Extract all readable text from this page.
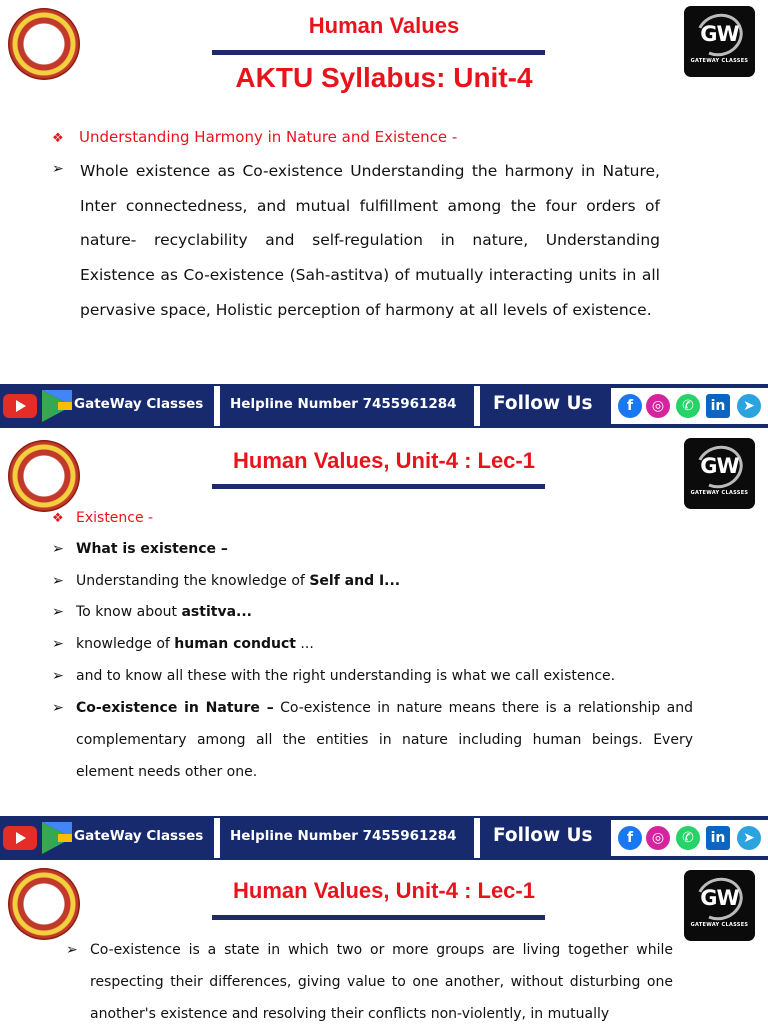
Human Values
AKTU Syllabus: Unit-4
GW
GATEWAY CLASSES
❖ Understanding Harmony in Nature and Existence -
➢ Whole existence as Co-existence Understanding the harmony in Nature, Inter connectedness, and mutual fulfillment among the four orders of nature- recyclability and self-regulation in nature, Understanding Existence as Co-existence (Sah-astitva) of mutually interacting units in all pervasive space, Holistic perception of harmony at all levels of existence.
GateWay Classes Helpline Number 7455961284 Follow Us	f	◎	✆	in	➤
Human Values, Unit-4 : Lec-1	GW
GATEWAY CLASSES
❖ Existence -
➢ What is existence –
➢ Understanding the knowledge of Self and I...
➢ To know about astitva...
➢ knowledge of human conduct ...
➢ and to know all these with the right understanding is what we call existence.
➢ Co-existence in Nature – Co-existence in nature means there is a relationship and complementary among all the entities in nature including human beings. Every element needs other one.
GateWay Classes Helpline Number 7455961284 Follow Us	f	◎	✆	in	➤
Human Values, Unit-4 : Lec-1	GW
GATEWAY CLASSES
➢ Co-existence is a state in which two or more groups are living together while respecting their differences, giving value to one another, without disturbing one another's existence and resolving their conflicts non-violently, in mutually
